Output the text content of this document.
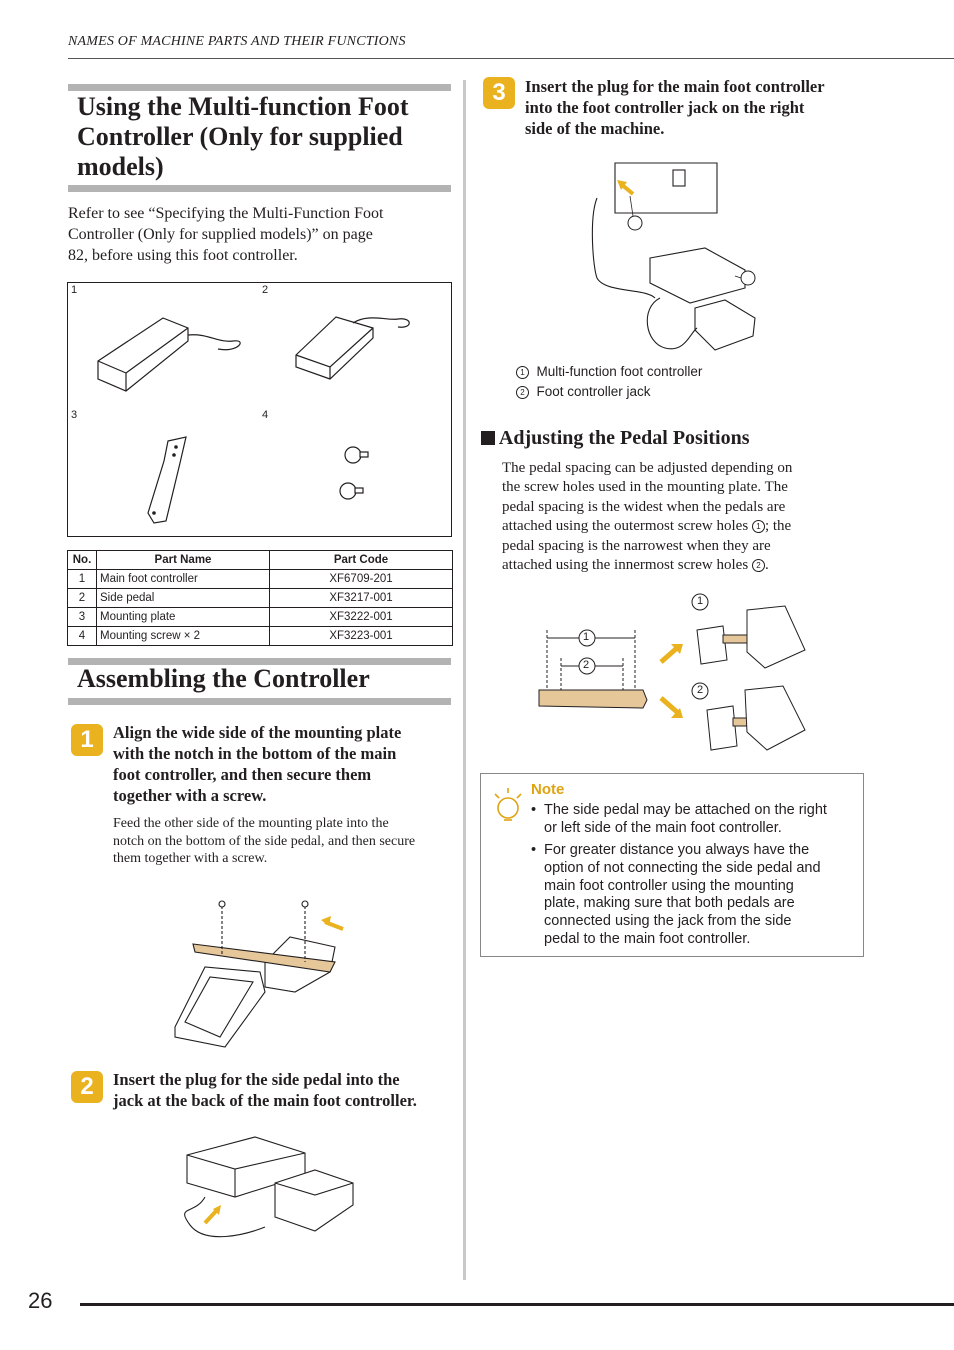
NAMES OF MACHINE PARTS AND THEIR FUNCTIONS
Using the Multi-function Foot
Controller (Only for supplied
models)
Refer to see “Specifying the Multi-Function Foot
Controller (Only for supplied models)” on page
82, before using this foot controller.
1	2
3	4
No.	Part Name	Part Code
1	Main foot controller	XF6709-201
2	Side pedal	XF3217-001
3	Mounting plate	XF3222-001
4	Mounting screw × 2	XF3223-001
Assembling the Controller
1	Align the wide side of the mounting plate
with the notch in the bottom of the main
foot controller, and then secure them
together with a screw.
Feed the other side of the mounting plate into the
notch on the bottom of the side pedal, and then secure
them together with a screw.
2	Insert the plug for the side pedal into the
jack at the back of the main foot controller.
3	Insert the plug for the main foot controller
into the foot controller jack on the right
side of the machine.
1 Multi-function foot controller
2 Foot controller jack
Adjusting the Pedal Positions
The pedal spacing can be adjusted depending on
the screw holes used in the mounting plate. The
pedal spacing is the widest when the pedals are
attached using the outermost screw holes 1 ; the
pedal spacing is the narrowest when they are
attached using the innermost screw holes 2 .
1
2
1
2
Note
• The side pedal may be attached on the right
or left side of the main foot controller.
• For greater distance you always have the
option of not connecting the side pedal and
main foot controller using the mounting
plate, making sure that both pedals are
connected using the jack from the side
pedal to the main foot controller.
26
